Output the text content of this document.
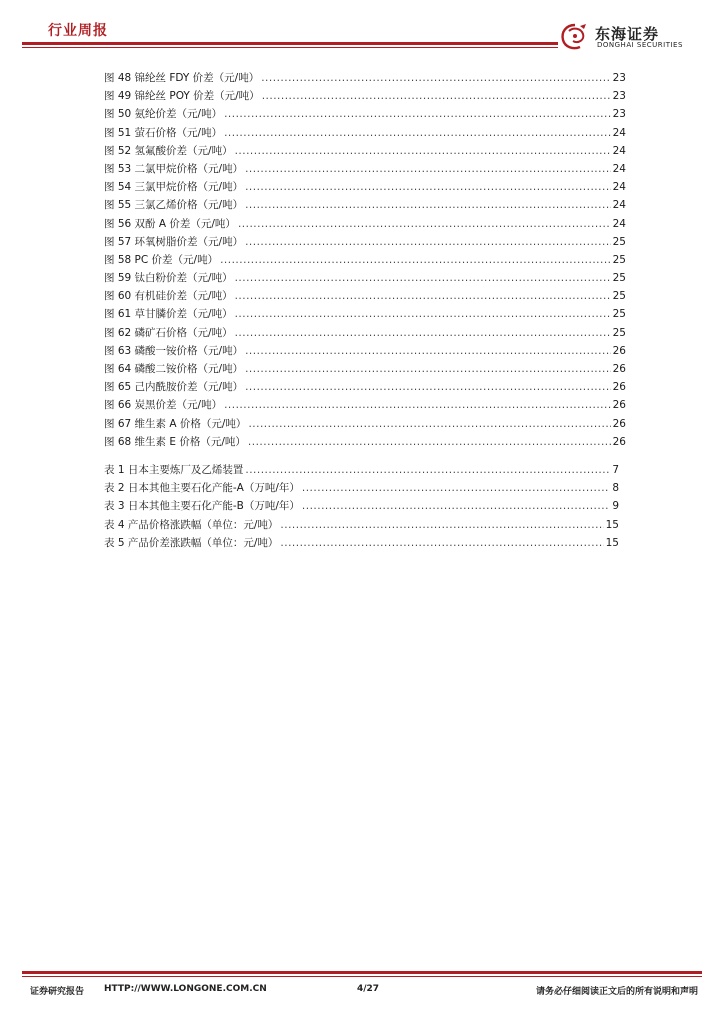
行业周报	东海证券
DONGHAI SECURITIES
图 48 锦纶丝 FDY 价差（元/吨） .....	23
图 49 锦纶丝 POY 价差（元/吨） .....	23
图 50 氨纶价差（元/吨） .....	23
图 51 萤石价格（元/吨） .....	24
图 52 氢氟酸价差（元/吨） .....	24
图 53 二氯甲烷价格（元/吨） .....	24
图 54 三氯甲烷价格（元/吨） .....	24
图 55 三氯乙烯价格（元/吨） .....	24
图 56 双酚 A 价差（元/吨） .....	24
图 57 环氧树脂价差（元/吨） .....	25
图 58 PC 价差（元/吨） .....	25
图 59 钛白粉价差（元/吨） .....	25
图 60 有机硅价差（元/吨） .....	25
图 61 草甘膦价差（元/吨） .....	25
图 62 磷矿石价格（元/吨） .....	25
图 63 磷酸一铵价格（元/吨） .....	26
图 64 磷酸二铵价格（元/吨） .....	26
图 65 己内酰胺价差（元/吨） .....	26
图 66 炭黑价差（元/吨） .....	26
图 67 维生素 A 价格（元/吨） .....	26
图 68 维生素 E 价格（元/吨） .....	26
表 1 日本主要炼厂及乙烯装置 .....	7
表 2 日本其他主要石化产能-A（万吨/年） .....	8
表 3 日本其他主要石化产能-B（万吨/年） .....	9
表 4 产品价格涨跌幅（单位：元/吨） .....	15
表 5 产品价差涨跌幅（单位：元/吨） .....	15
证券研究报告 HTTP://WWW.LONGONE.COM.CN	4/27	请务必仔细阅读正文后的所有说明和声明
